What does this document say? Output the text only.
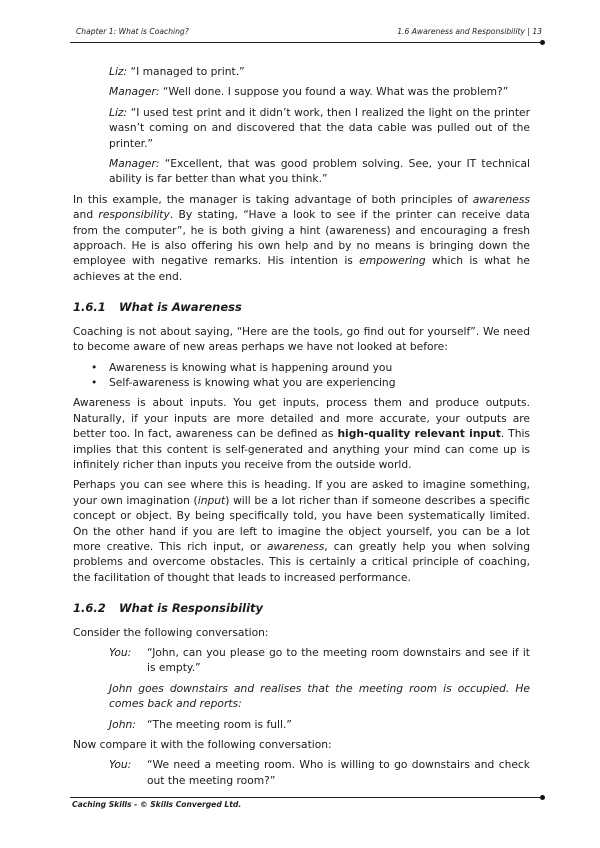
Chapter 1: What is Coaching?	1.6 Awareness and Responsibility | 13

Liz: “I managed to print.”

Manager: “Well done. I suppose you found a way. What was the problem?”

Liz: “I used test print and it didn’t work, then I realized the light on the printer wasn’t coming on and discovered that the data cable was pulled out of the printer.”

Manager: “Excellent, that was good problem solving. See, your IT technical ability is far better than what you think.”

In this example, the manager is taking advantage of both principles of awareness and responsibility. By stating, “Have a look to see if the printer can receive data from the computer”, he is both giving a hint (awareness) and encouraging a fresh approach. He is also offering his own help and by no means is bringing down the employee with negative remarks. His intention is empowering which is what he achieves at the end.

1.6.1 What is Awareness

Coaching is not about saying, “Here are the tools, go find out for yourself”. We need to become aware of new areas perhaps we have not looked at before:

• Awareness is knowing what is happening around you
• Self-awareness is knowing what you are experiencing

Awareness is about inputs. You get inputs, process them and produce outputs. Naturally, if your inputs are more detailed and more accurate, your outputs are better too. In fact, awareness can be defined as high-quality relevant input. This implies that this content is self-generated and anything your mind can come up is infinitely richer than inputs you receive from the outside world.

Perhaps you can see where this is heading. If you are asked to imagine something, your own imagination (input) will be a lot richer than if someone describes a specific concept or object. By being specifically told, you have been systematically limited. On the other hand if you are left to imagine the object yourself, you can be a lot more creative. This rich input, or awareness, can greatly help you when solving problems and overcome obstacles. This is certainly a critical principle of coaching, the facilitation of thought that leads to increased performance.

1.6.2 What is Responsibility

Consider the following conversation:

You:	“John, can you please go to the meeting room downstairs and see if it is empty.”

John goes downstairs and realises that the meeting room is occupied. He comes back and reports:

John:	“The meeting room is full.”

Now compare it with the following conversation:

You:	“We need a meeting room. Who is willing to go downstairs and check out the meeting room?”
Caching Skills - © Skills Converged Ltd.
